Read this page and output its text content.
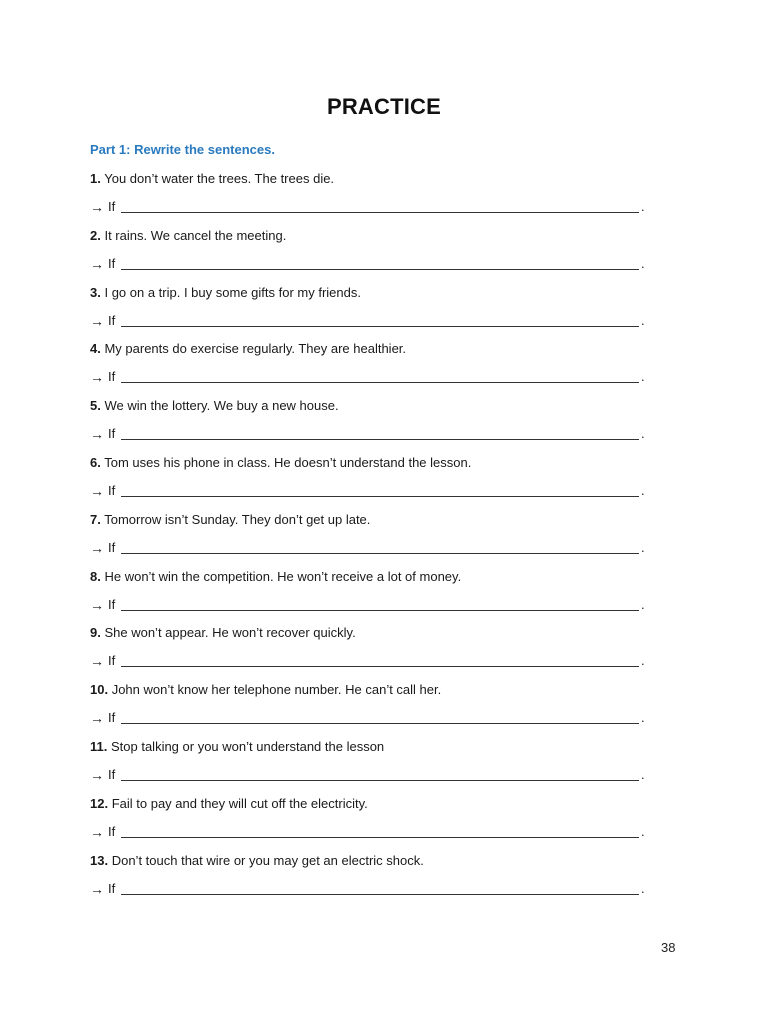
PRACTICE
Part 1: Rewrite the sentences.
1. You don’t water the trees. The trees die.
→ If	.
2. It rains. We cancel the meeting.
→ If	.
3. I go on a trip. I buy some gifts for my friends.
→ If	.
4. My parents do exercise regularly. They are healthier.
→ If	.
5. We win the lottery. We buy a new house.
→ If	.
6. Tom uses his phone in class. He doesn’t understand the lesson.
→ If	.
7. Tomorrow isn’t Sunday. They don’t get up late.
→ If	.
8. He won’t win the competition. He won’t receive a lot of money.
→ If	.
9. She won’t appear. He won’t recover quickly.
→ If	.
10. John won’t know her telephone number. He can’t call her.
→ If	.
11. Stop talking or you won’t understand the lesson
→ If	.
12. Fail to pay and they will cut off the electricity.
→ If	.
13. Don’t touch that wire or you may get an electric shock.
→ If	.
38
